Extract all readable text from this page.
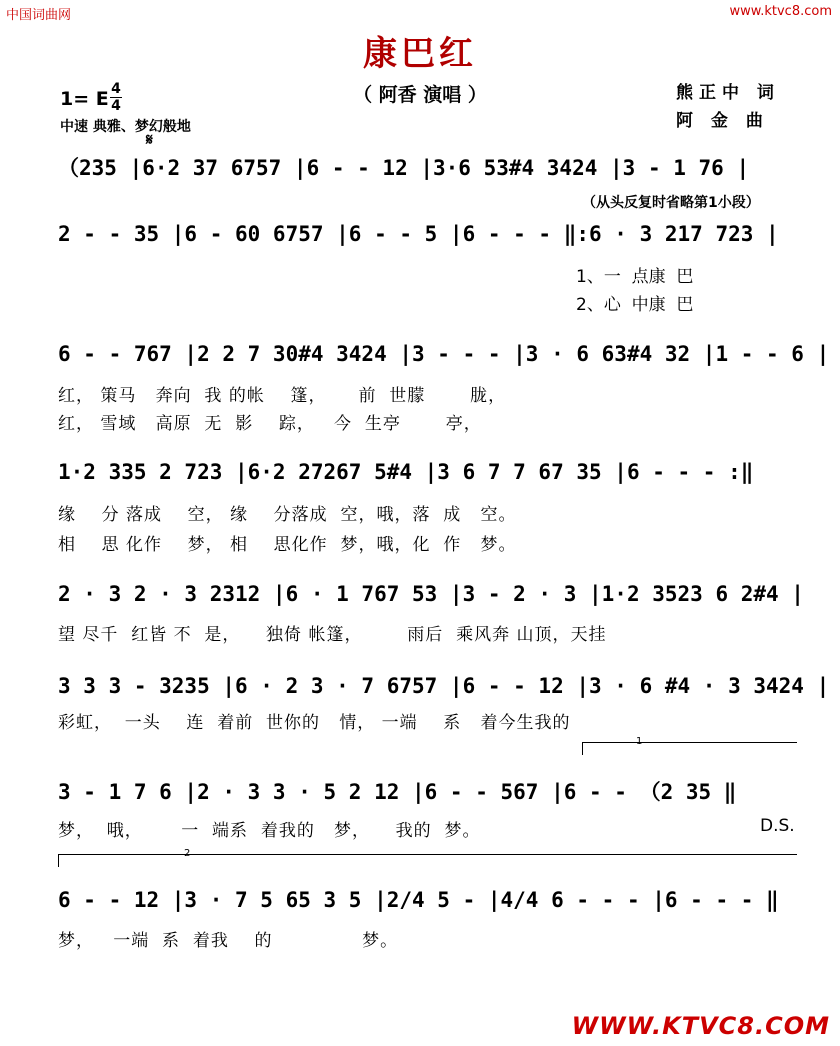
中国词曲网	www.ktvc8.com
康巴红
（ 阿香 演唱 ）
1= E 4
4
中速 典雅、梦幻般地
𝄋
熊正中 词
阿 金 曲
（235 |6·2 37 6757 |6 - - 12 |3·6 53#4 3424 |3 - 1 76 |
（从头反复时省略第1小段）
2 - - 35 |6 - 60 6757 |6 - - 5 |6 - - - ‖:6 · 3 217 723 |
1、一  点康  巴
2、心  中康  巴
6 - - 767 |2 2 7 30#4 3424 |3 - - - |3 · 6 63#4 32 |1 - - 6 |
红， 策马   奔向  我 的帐    篷，     前  世朦       胧，
红， 雪域   高原  无  影    踪，   今  生亭       亭，
1·2 335 2 723 |6·2 27267 5#4 |3 6 7 7 67 35 |6 - - - :‖
缘    分 落成    空， 缘    分落成  空，哦，落  成   空。
相    思 化作    梦， 相    思化作  梦，哦，化  作   梦。
2 · 3 2 · 3 2312 |6 · 1 767 53 |3 - 2 · 3 |1·2 3523 6 2#4 |
望 尽千  红皆 不  是，    独倚 帐篷，       雨后  乘风奔 山顶，天挂
3 3 3 - 3235 |6 · 2 3 · 7 6757 |6 - - 12 |3 · 6 #4 · 3 3424 |
彩虹，  一头    连  着前  世你的   情， 一端    系   着今生我的
1
3 - 1 7 6 |2 · 3 3 · 5 2 12 |6 - - 567 |6 - - （2 35 ‖
梦，  哦，      一  端系  着我的   梦，    我的  梦。	D.S.
2
6 - - 12 |3 · 7 5 65 3 5 |2/4 5 - |4/4 6 - - - |6 - - - ‖
梦，   一端  系  着我    的              梦。
WWW.KTVC8.COM
